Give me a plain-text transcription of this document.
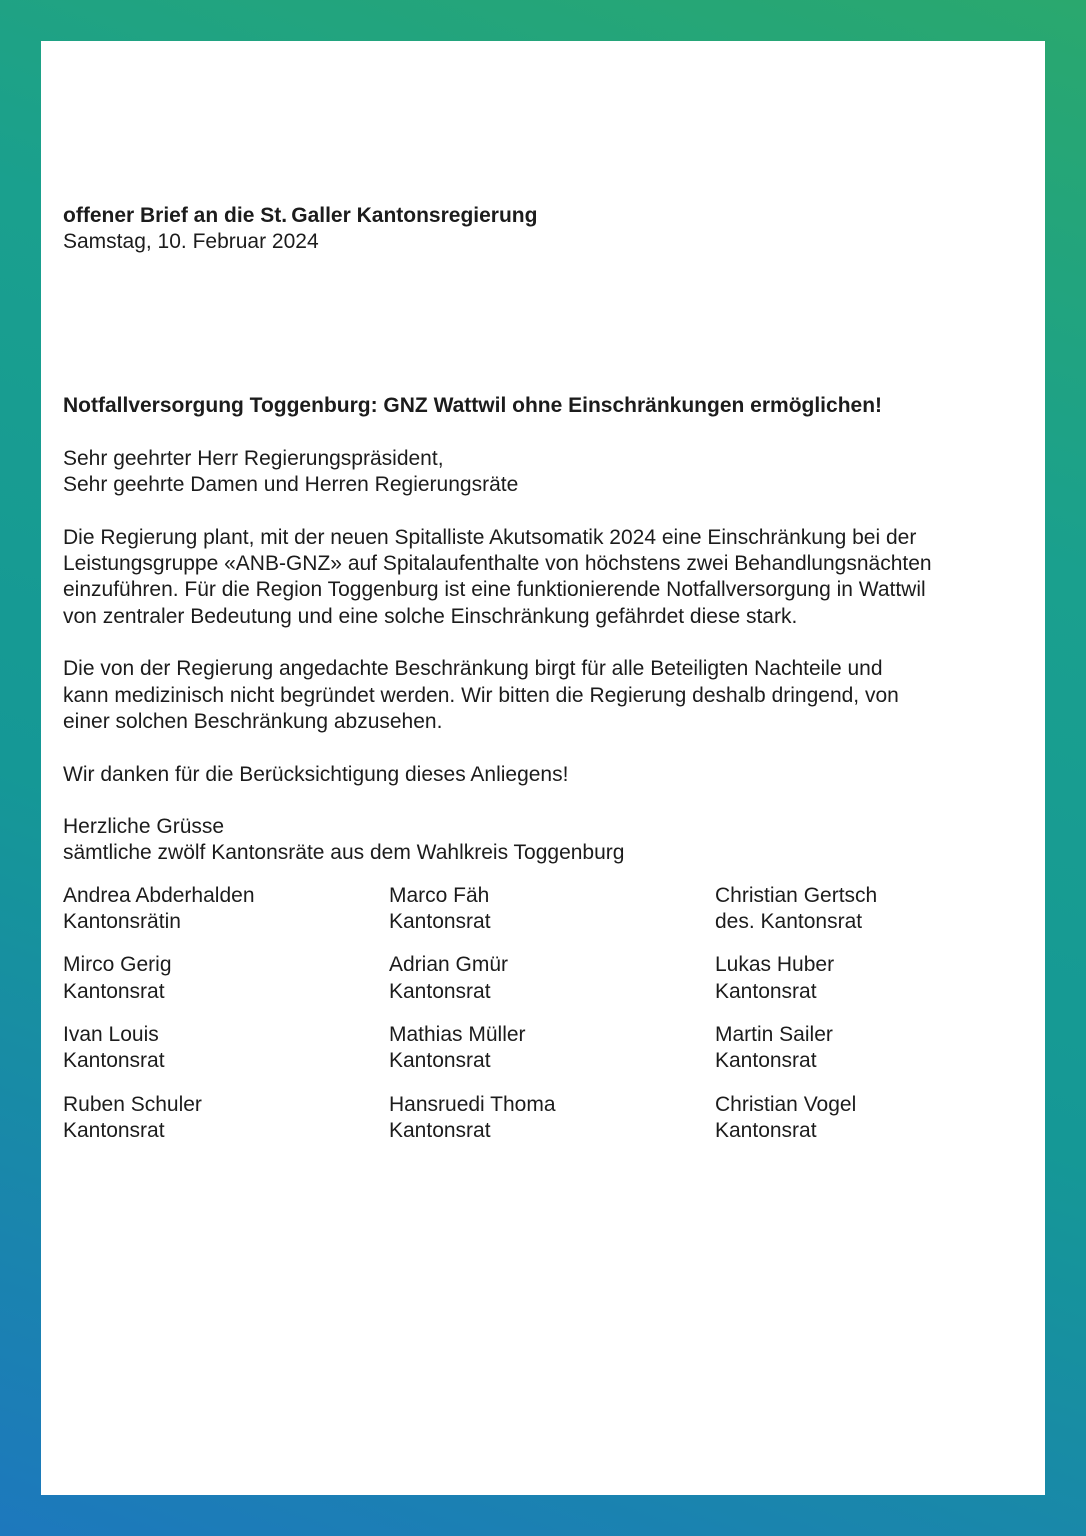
offener Brief an die St. Galler Kantonsregierung
Samstag, 10. Februar 2024

Notfallversorgung Toggenburg: GNZ Wattwil ohne Einschränkungen ermöglichen!

Sehr geehrter Herr Regierungspräsident,
Sehr geehrte Damen und Herren Regierungsräte

Die Regierung plant, mit der neuen Spitalliste Akutsomatik 2024 eine Einschränkung bei der
Leistungsgruppe «ANB-GNZ» auf Spitalaufenthalte von höchstens zwei Behandlungsnächten
einzuführen. Für die Region Toggenburg ist eine funktionierende Notfallversorgung in Wattwil
von zentraler Bedeutung und eine solche Einschränkung gefährdet diese stark.

Die von der Regierung angedachte Beschränkung birgt für alle Beteiligten Nachteile und
kann medizinisch nicht begründet werden. Wir bitten die Regierung deshalb dringend, von
einer solchen Beschränkung abzusehen.

Wir danken für die Berücksichtigung dieses Anliegens!

Herzliche Grüsse
sämtliche zwölf Kantonsräte aus dem Wahlkreis Toggenburg

Andrea Abderhalden
Kantonsrätin
Marco Fäh
Kantonsrat
Christian Gertsch
des. Kantonsrat
Mirco Gerig
Kantonsrat
Adrian Gmür
Kantonsrat
Lukas Huber
Kantonsrat
Ivan Louis
Kantonsrat
Mathias Müller
Kantonsrat
Martin Sailer
Kantonsrat
Ruben Schuler
Kantonsrat
Hansruedi Thoma
Kantonsrat
Christian Vogel
Kantonsrat
